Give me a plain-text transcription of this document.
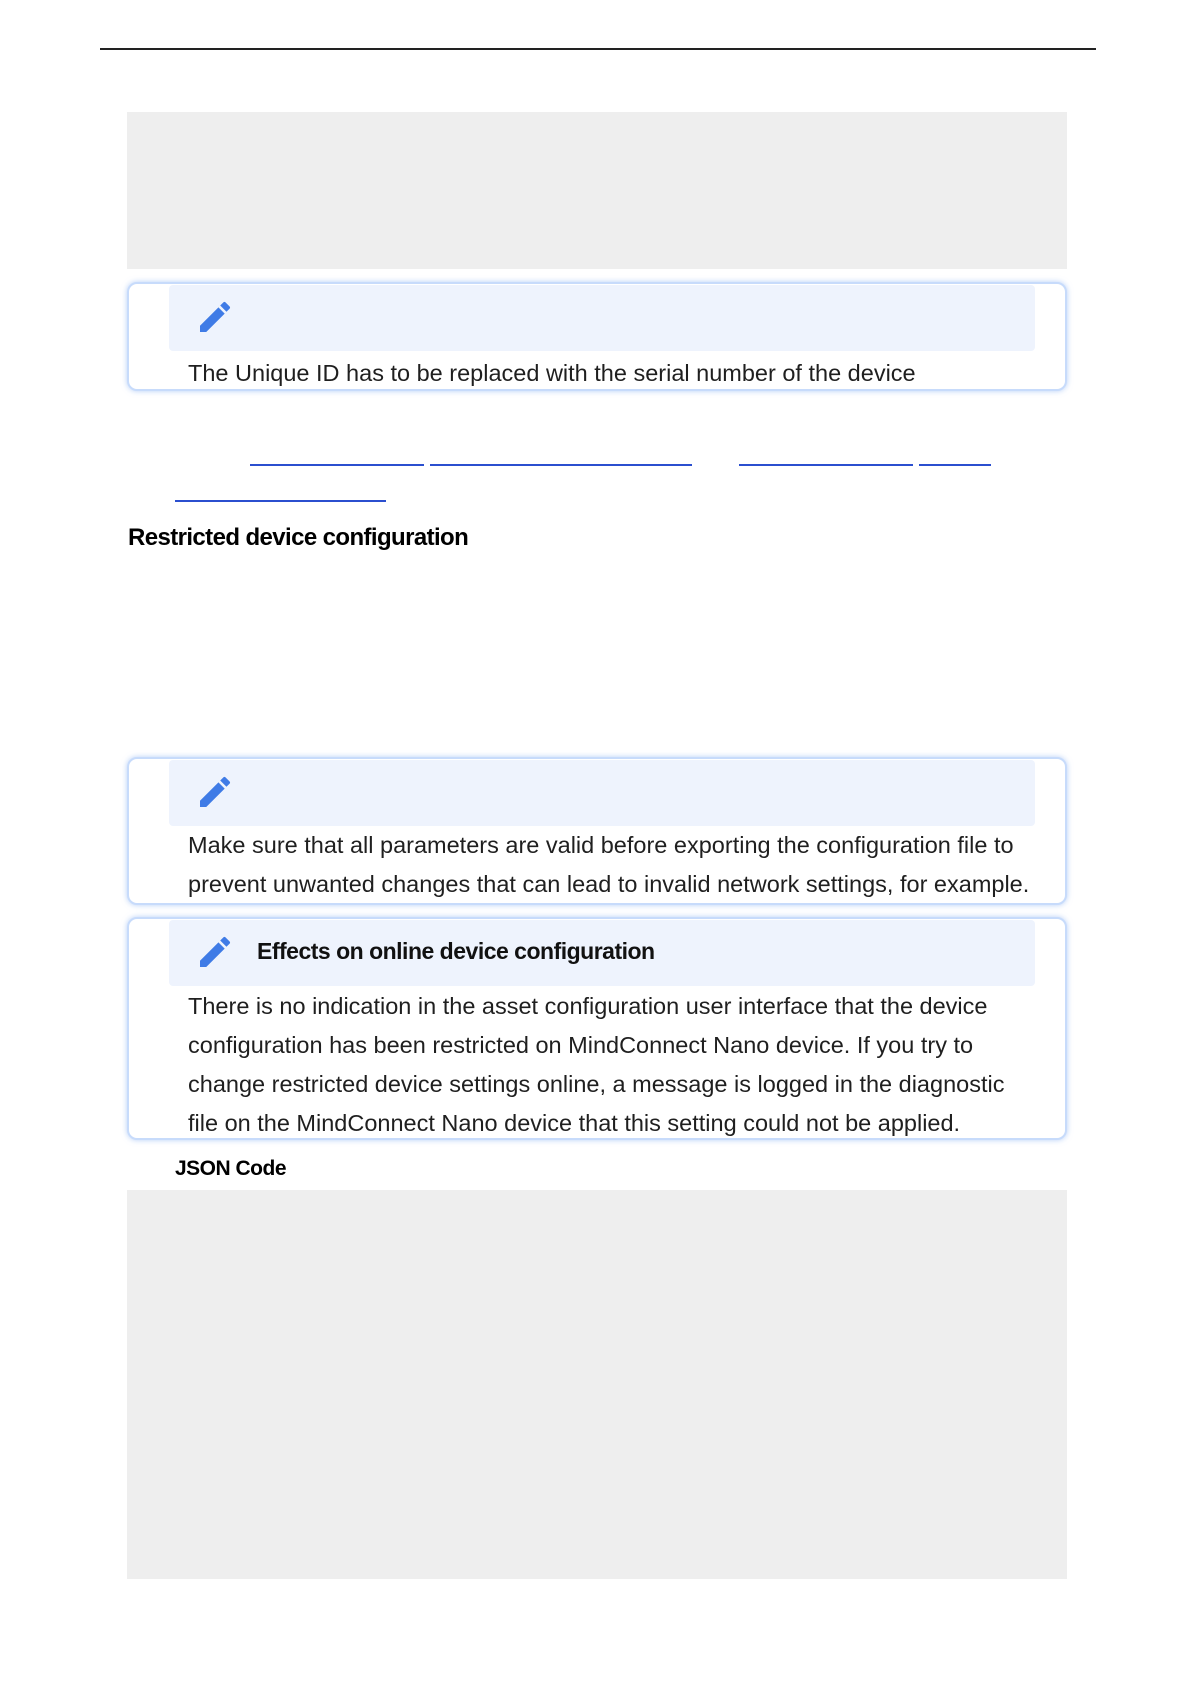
The Unique ID has to be replaced with the serial number of the device
Restricted device configuration
Make sure that all parameters are valid before exporting the configuration file to prevent unwanted changes that can lead to invalid network settings, for example.
Effects on online device configuration
There is no indication in the asset configuration user interface that the device configuration has been restricted on MindConnect Nano device. If you try to change restricted device settings online, a message is logged in the diagnostic file on the MindConnect Nano device that this setting could not be applied.
JSON Code
